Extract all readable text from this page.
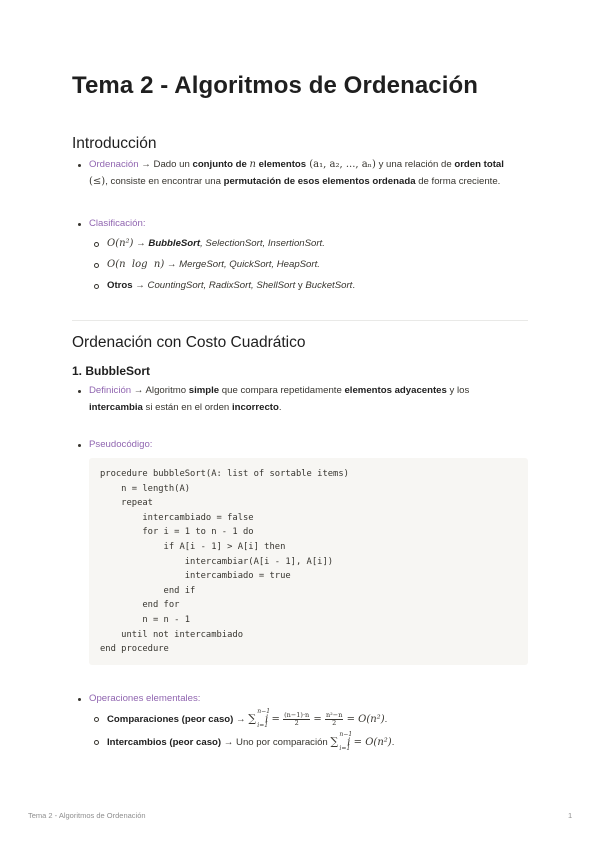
Tema 2 - Algoritmos de Ordenación
Introducción
Ordenación → Dado un conjunto de n elementos (a₁, a₂, ..., aₙ) y una relación de orden total
(≤), consiste en encontrar una permutación de esos elementos ordenada de forma creciente.
Clasificación:
O(n²) → BubbleSort, SelectionSort, InsertionSort.
O(n  log  n) → MergeSort, QuickSort, HeapSort.
Otros → CountingSort, RadixSort, ShellSort y BucketSort.
Ordenación con Costo Cuadrático
1. BubbleSort
Definición → Algoritmo simple que compara repetidamente elementos adyacentes y los
intercambia si están en el orden incorrecto.
Pseudocódigo:
procedure bubbleSort(A: list of sortable items)
n = length(A)
repeat
intercambiado = false
for i = 1 to n - 1 do
if A[i - 1] > A[i] then
intercambiar(A[i - 1], A[i])
intercambiado = true
end if
end for
n = n - 1
until not intercambiado
end procedure
Operaciones elementales:
Comparaciones (peor caso) → ∑
n−1
i=1
$i = \frac{(n-1)\cdot n}{2} = \frac{\text{n²−n}}{2} = O(n^2)$.
Intercambios (peor caso) → Uno por comparación ∑
n−1
i=1
i = O(n²).
Tema 2 - Algoritmos de Ordenación	1
